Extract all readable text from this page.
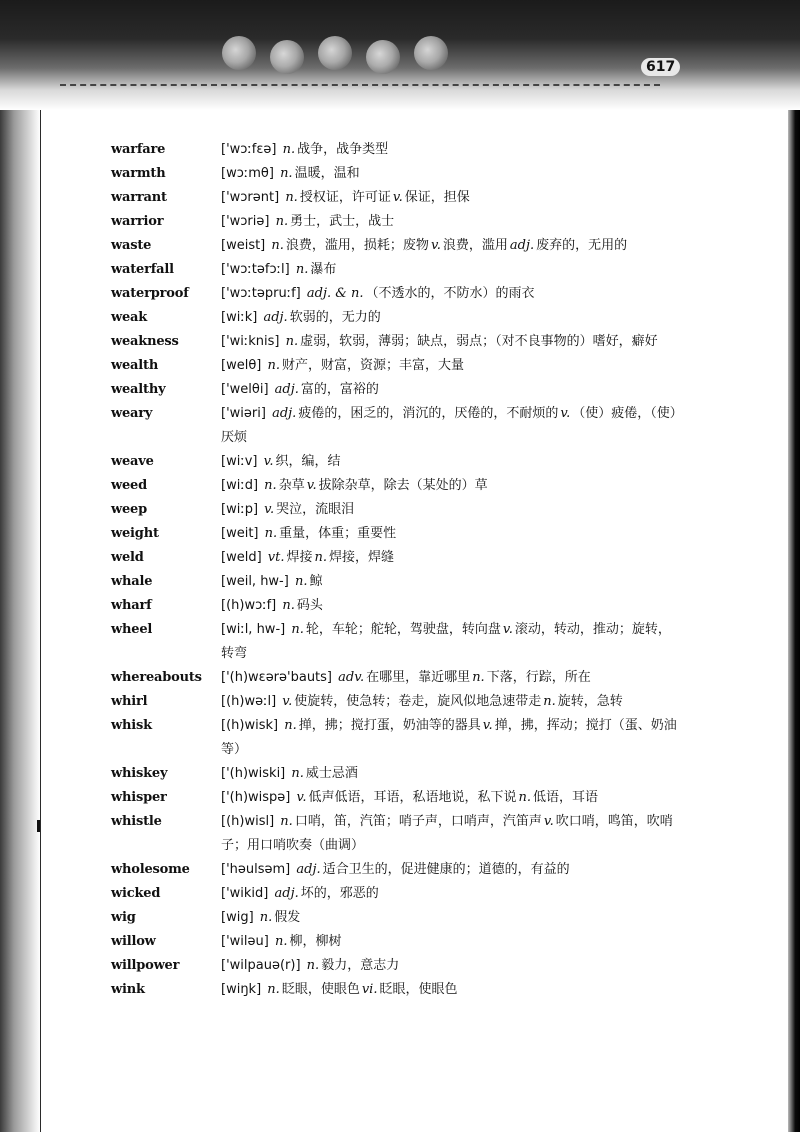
617
warfare	['wɔːfɛə] n. 战争，战争类型
warmth	[wɔːmθ] n. 温暖，温和
warrant	['wɔrənt] n. 授权证，许可证 v. 保证，担保
warrior	['wɔriə] n. 勇士，武士，战士
waste	[weist] n. 浪费，滥用，损耗；废物 v. 浪费，滥用 adj. 废弃的，无用的
waterfall	['wɔːtəfɔːl] n. 瀑布
waterproof	['wɔːtəpruːf] adj. & n. （不透水的，不防水）的雨衣
weak	[wiːk] adj. 软弱的，无力的
weakness	['wiːknis] n. 虚弱，软弱，薄弱；缺点，弱点；（对不良事物的）嗜好，癖好
wealth	[welθ] n. 财产，财富，资源；丰富，大量
wealthy	['welθi] adj. 富的，富裕的
weary	['wiəri] adj. 疲倦的，困乏的，消沉的，厌倦的，不耐烦的 v. （使）疲倦，（使）厌烦
weave	[wiːv] v. 织，编，结
weed	[wiːd] n. 杂草 v. 拔除杂草，除去（某处的）草
weep	[wiːp] v. 哭泣，流眼泪
weight	[weit] n. 重量，体重；重要性
weld	[weld] vt. 焊接 n. 焊接，焊缝
whale	[weil, hw-] n. 鲸
wharf	[(h)wɔːf] n. 码头
wheel	[wiːl, hw-] n. 轮，车轮；舵轮，驾驶盘，转向盘 v. 滚动，转动，推动；旋转，转弯
whereabouts	['(h)wɛərə'bauts] adv. 在哪里，靠近哪里 n. 下落，行踪，所在
whirl	[(h)wəːl] v. 使旋转，使急转；卷走，旋风似地急速带走 n. 旋转，急转
whisk	[(h)wisk] n. 掸，拂；搅打蛋，奶油等的器具 v. 掸，拂，挥动；搅打（蛋、奶油等）
whiskey	['(h)wiski] n. 威士忌酒
whisper	['(h)wispə] v. 低声低语，耳语，私语地说，私下说 n. 低语，耳语
whistle	[(h)wisl] n. 口哨，笛，汽笛；哨子声，口哨声，汽笛声 v. 吹口哨，鸣笛，吹哨子；用口哨吹奏（曲调）
wholesome	['həulsəm] adj. 适合卫生的，促进健康的；道德的，有益的
wicked	['wikid] adj. 坏的，邪恶的
wig	[wig] n. 假发
willow	['wiləu] n. 柳，柳树
willpower	['wilpauə(r)] n. 毅力，意志力
wink	[wiŋk] n. 眨眼，使眼色 vi. 眨眼，使眼色
